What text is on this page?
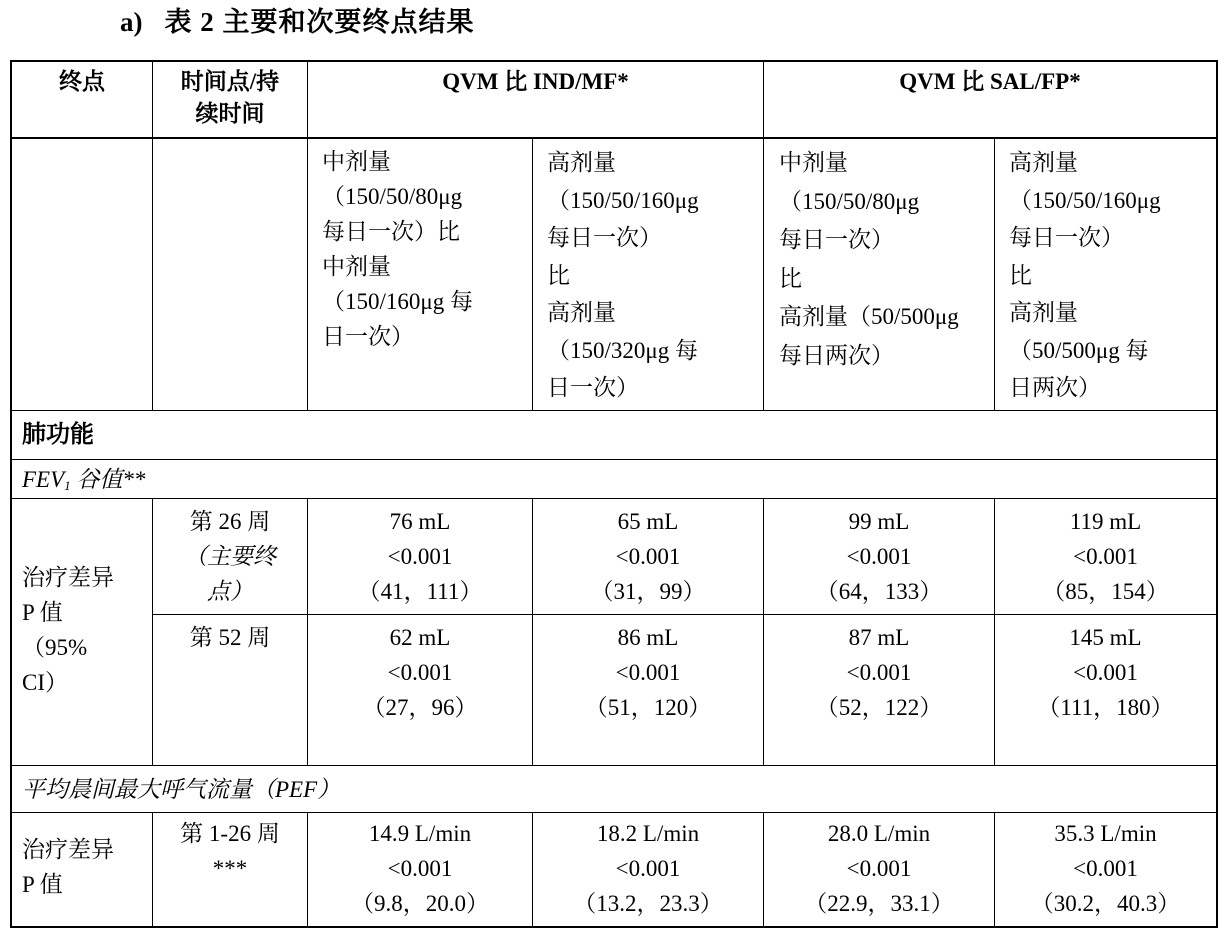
a) 表 2 主要和次要终点结果
终点	时间点/持

续时间

QVM 比 IND/MF*	QVM 比 SAL/FP*

中剂量

（150/50/80μg

每日一次）比

中剂量

（150/160μg 每

日一次）

高剂量

（150/50/160μg

每日一次）

比

高剂量

（150/320μg 每

日一次）

中剂量

（150/50/80μg

每日一次）

比

高剂量（50/500μg

每日两次）

高剂量

（150/50/160μg

每日一次）

比

高剂量

（50/500μg 每

日两次）

肺功能
$FEV_1$ 谷值**

治疗差异

P 值

（95%

CI）

第 26 周

（主要终

点）

第 52 周

76 mL

<0.001

（41，111）

65 mL

<0.001

（31，99）

99 mL

<0.001

（64，133）

119 mL

<0.001

（85，154）

62 mL

<0.001

（27，96）

86 mL

<0.001

（51，120）

87 mL

<0.001

（52，122）

145 mL

<0.001

（111，180）

平均晨间最大呼气流量（PEF）

治疗差异

P 值

第 1-26 周

***

14.9 L/min

<0.001

（9.8，20.0）

18.2 L/min

<0.001

（13.2，23.3）

28.0 L/min

<0.001

（22.9，33.1）

35.3 L/min

<0.001

（30.2，40.3）
